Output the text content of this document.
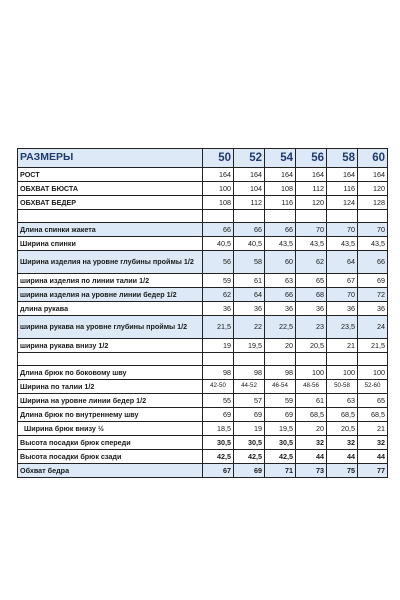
РАЗМЕРЫ	50	52	54	56	58	60
РОСТ	164	164	164	164	164	164
ОБХВАТ БЮСТА	100	104	108	112	116	120
ОБХВАТ БЕДЕР	108	112	116	120	124	128

Длина спинки жакета	66	66	66	70	70	70
Ширина спинки	40,5	40,5	43,5	43,5	43,5	43,5
Ширина изделия на уровне глубины проймы 1/2	56	58	60	62	64	66
ширина изделия по линии талии 1/2	59	61	63	65	67	69
ширина изделия на уровне линии бедер 1/2	62	64	66	68	70	72
длина рукава	36	36	36	36	36	36
ширина рукава на уровне глубины проймы 1/2	21,5	22	22,5	23	23,5	24
ширина рукава внизу 1/2	19	19,5	20	20,5	21	21,5

Длина брюк по боковому шву	98	98	98	100	100	100
Ширина по талии 1/2	42-50	44-52	46-54	48-56	50-58	52-60
Ширина на уровне линии бедер 1/2	55	57	59	61	63	65
Длина брюк по внутреннему шву	69	69	69	68,5	68,5	68,5
Ширина брюк внизу ½	18,5	19	19,5	20	20,5	21
Высота посадки брюк спереди	30,5	30,5	30,5	32	32	32
Высота посадки брюк сзади	42,5	42,5	42,5	44	44	44
Обхват бедра	67	69	71	73	75	77
